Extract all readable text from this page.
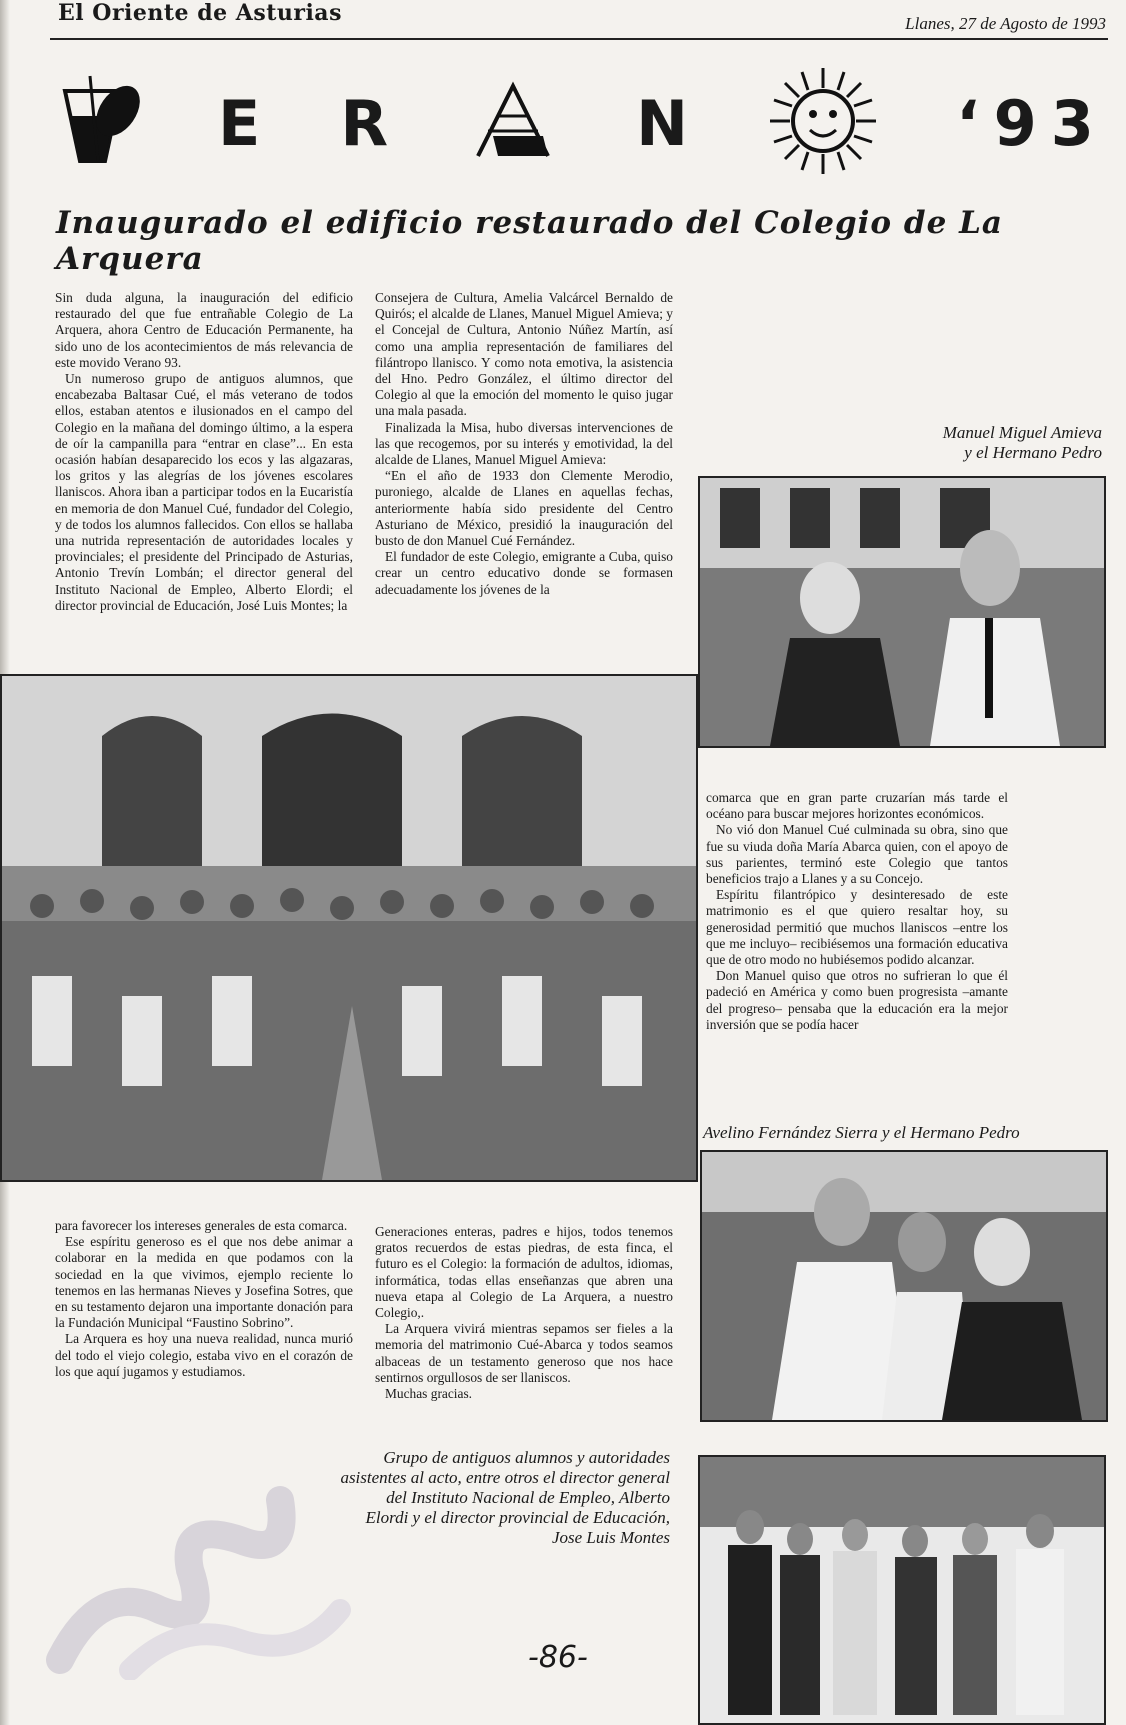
El Oriente de Asturias	Llanes, 27 de Agosto de 1993
E R	N	‘93
Inaugurado el edificio restaurado del Colegio de La Arquera

Sin duda alguna, la inauguración del edificio restaurado del que fue entrañable Colegio de La Arquera, ahora Centro de Educación Permanente, ha sido uno de los acontecimientos de más relevancia de este movido Verano 93.

Un numeroso grupo de antiguos alumnos, que encabezaba Baltasar Cué, el más veterano de todos ellos, estaban atentos e ilusionados en el campo del Colegio en la mañana del domingo último, a la espera de oír la campanilla para “entrar en clase”... En esta ocasión habían desaparecido los ecos y las algazaras, los gritos y las alegrías de los jóvenes escolares llaniscos. Ahora iban a participar todos en la Eucaristía en memoria de don Manuel Cué, fundador del Colegio, y de todos los alumnos fallecidos. Con ellos se hallaba una nutrida representación de autoridades locales y provinciales; el presidente del Principado de Asturias, Antonio Trevín Lombán; el director general del Instituto Nacional de Empleo, Alberto Elordi; el director provincial de Educación, José Luis Montes; la

Consejera de Cultura, Amelia Valcárcel Bernaldo de Quirós; el alcalde de Llanes, Manuel Miguel Amieva; y el Concejal de Cultura, Antonio Núñez Martín, así como una amplia representación de familiares del filántropo llanisco. Y como nota emotiva, la asistencia del Hno. Pedro González, el último director del Colegio al que la emoción del momento le quiso jugar una mala pasada.

Finalizada la Misa, hubo diversas intervenciones de las que recogemos, por su interés y emotividad, la del alcalde de Llanes, Manuel Miguel Amieva:

“En el año de 1933 don Clemente Merodio, puroniego, alcalde de Llanes en aquellas fechas, anteriormente había sido presidente del Centro Asturiano de México, presidió la inauguración del busto de don Manuel Cué Fernández.

El fundador de este Colegio, emigrante a Cuba, quiso crear un centro educativo donde se formasen adecuadamente los jóvenes de la

Manuel Miguel Amieva
y el Hermano Pedro

comarca que en gran parte cruzarían más tarde el océano para buscar mejores horizontes económicos.

No vió don Manuel Cué culminada su obra, sino que fue su viuda doña María Abarca quien, con el apoyo de sus parientes, terminó este Colegio que tantos beneficios trajo a Llanes y a su Concejo.

Espíritu filantrópico y desinteresado de este matrimonio es el que quiero resaltar hoy, su generosidad permitió que muchos llaniscos –entre los que me incluyo– recibiésemos una formación educativa que de otro modo no hubiésemos podido alcanzar.

Don Manuel quiso que otros no sufrieran lo que él padeció en América y como buen progresista –amante del progreso– pensaba que la educación era la mejor inversión que se podía hacer

Avelino Fernández Sierra y el Hermano Pedro

para favorecer los intereses generales de esta comarca.

Ese espíritu generoso es el que nos debe animar a colaborar en la medida en que podamos con la sociedad en la que vivimos, ejemplo reciente lo tenemos en las hermanas Nieves y Josefina Sotres, que en su testamento dejaron una importante donación para la Fundación Municipal “Faustino Sobrino”.

La Arquera es hoy una nueva realidad, nunca murió del todo el viejo colegio, estaba vivo en el corazón de los que aquí jugamos y estudiamos.

Generaciones enteras, padres e hijos, todos tenemos gratos recuerdos de estas piedras, de esta finca, el futuro es el Colegio: la formación de adultos, idiomas, informática, todas ellas enseñanzas que abren una nueva etapa al Colegio de La Arquera, a nuestro Colegio,.

La Arquera vivirá mientras sepamos ser fieles a la memoria del matrimonio Cué-Abarca y todos seamos albaceas de un testamento generoso que nos hace sentirnos orgullosos de ser llaniscos.

Muchas gracias.

Grupo de antiguos alumnos y autoridades
asistentes al acto, entre otros el director general
del Instituto Nacional de Empleo, Alberto
Elordi y el director provincial de Educación,
Jose Luis Montes
-86-
